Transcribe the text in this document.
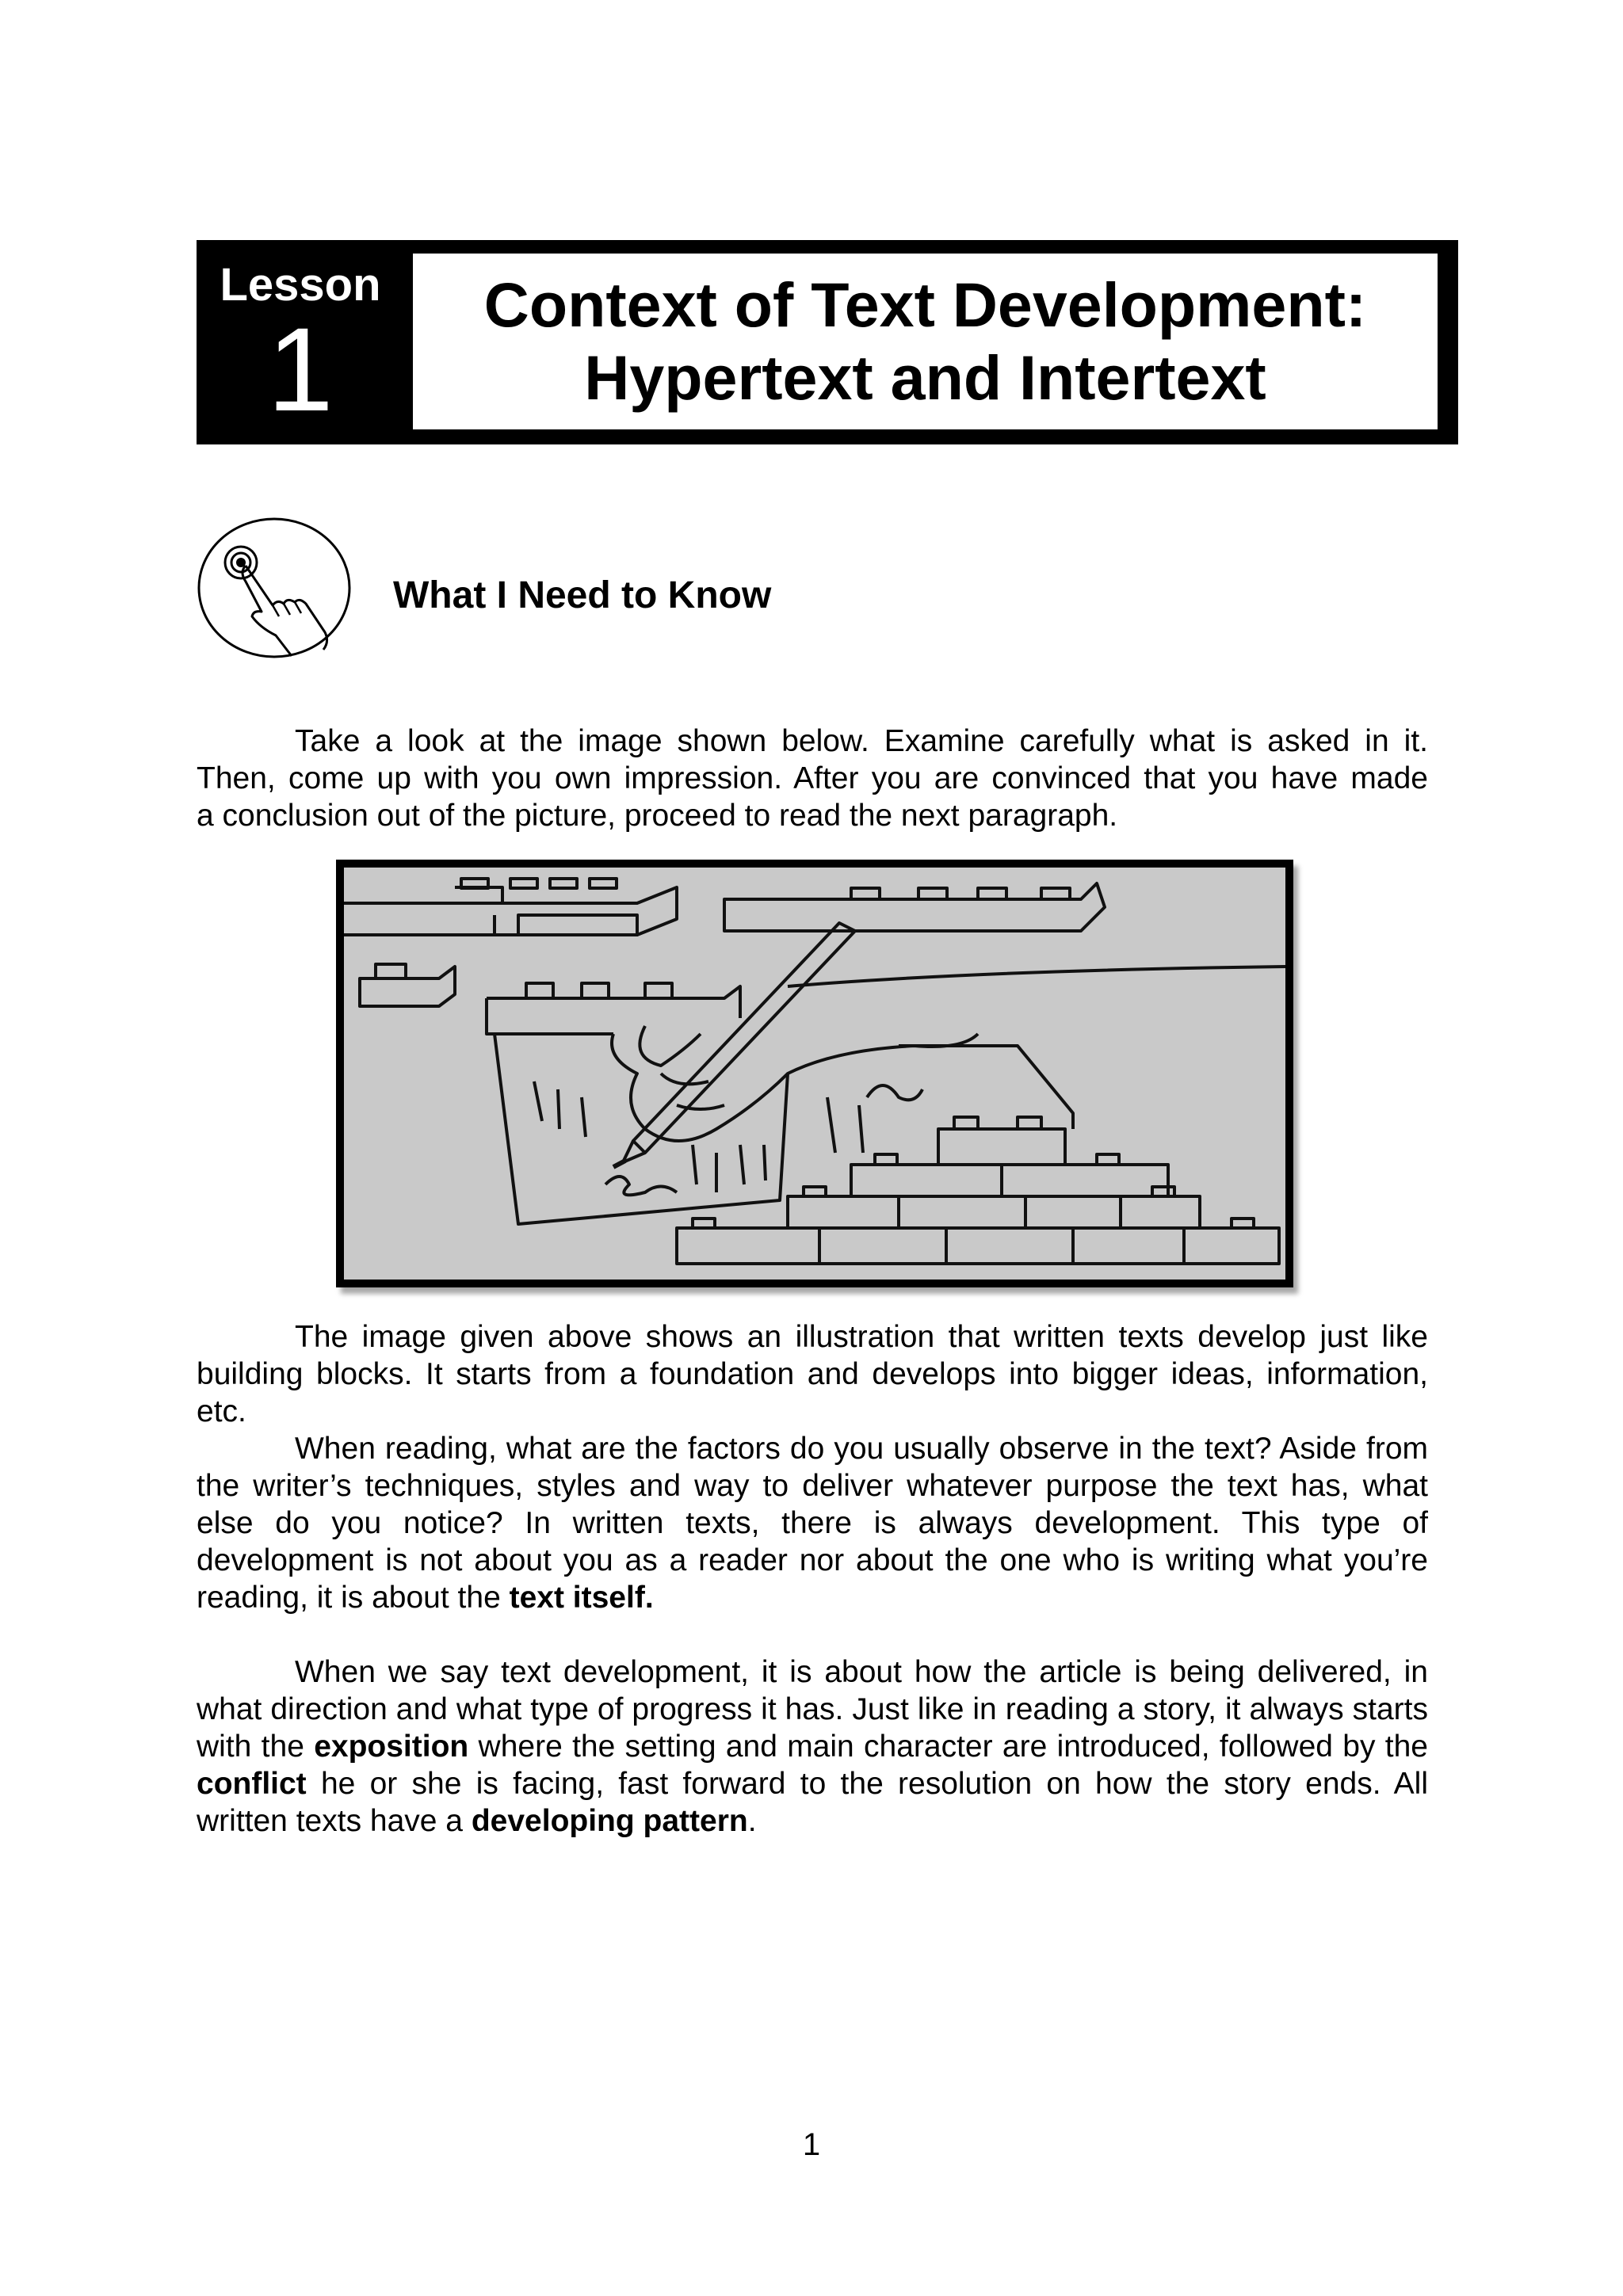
Lesson
1	Context of Text Development:
Hypertext and Intertext
What I Need to Know
Take a look at the image shown below. Examine carefully what is asked in it.
Then, come up with you own impression. After you are convinced that you have made
a conclusion out of the picture, proceed to read the next paragraph.
The image given above shows an illustration that written texts develop just like building blocks. It starts from a foundation and develops into bigger ideas, information, etc.
When reading, what are the factors do you usually observe in the text? Aside from the writer’s techniques, styles and way to deliver whatever purpose the text has, what else do you notice? In written texts, there is always development. This type of development is not about you as a reader nor about the one who is writing what you’re reading, it is about the text itself.
When we say text development, it is about how the article is being delivered, in what direction and what type of progress it has. Just like in reading a story, it always starts with the exposition where the setting and main character are introduced, followed by the conflict he or she is facing, fast forward to the resolution on how the story ends. All written texts have a developing pattern.
1
